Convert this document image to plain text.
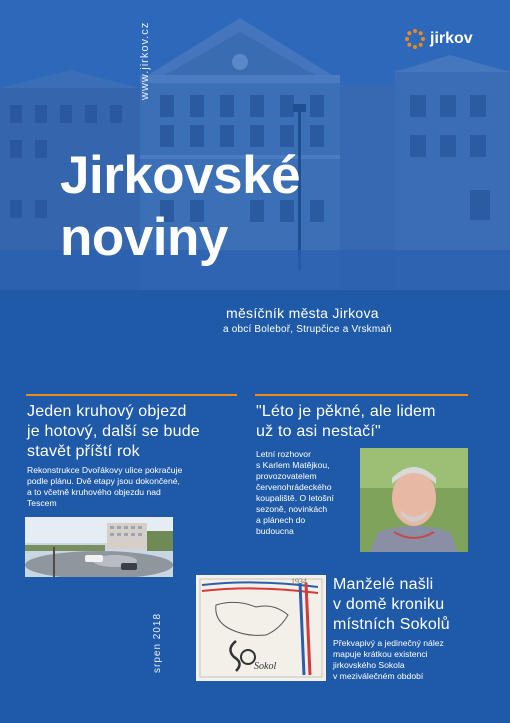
www.jirkov.cz	jirkov
Jirkovské
noviny
měsíčník města Jirkova
a obcí Boleboř, Strupčice a Vrskmaň
Jeden kruhový objezd
je hotový, další se bude
stavět příští rok
Rekonstrukce Dvořákovy ulice pokračuje
podle plánu. Dvě etapy jsou dokončené,
a to včetně kruhového objezdu nad
Tescem
"Léto je pěkné, ale lidem
už to asi nestačí"
Letní rozhovor
s Karlem Matějkou,
provozovatelem
červenohrádeckého
koupaliště. O letošní
sezoně, novinkách
a plánech do
budoucna
1934
Sokol
Manželé našli
v domě kroniku
místních Sokolů
Překvapivý a jedinečný nález
mapuje krátkou existenci
jirkovského Sokola
v meziválečném období
srpen 2018
